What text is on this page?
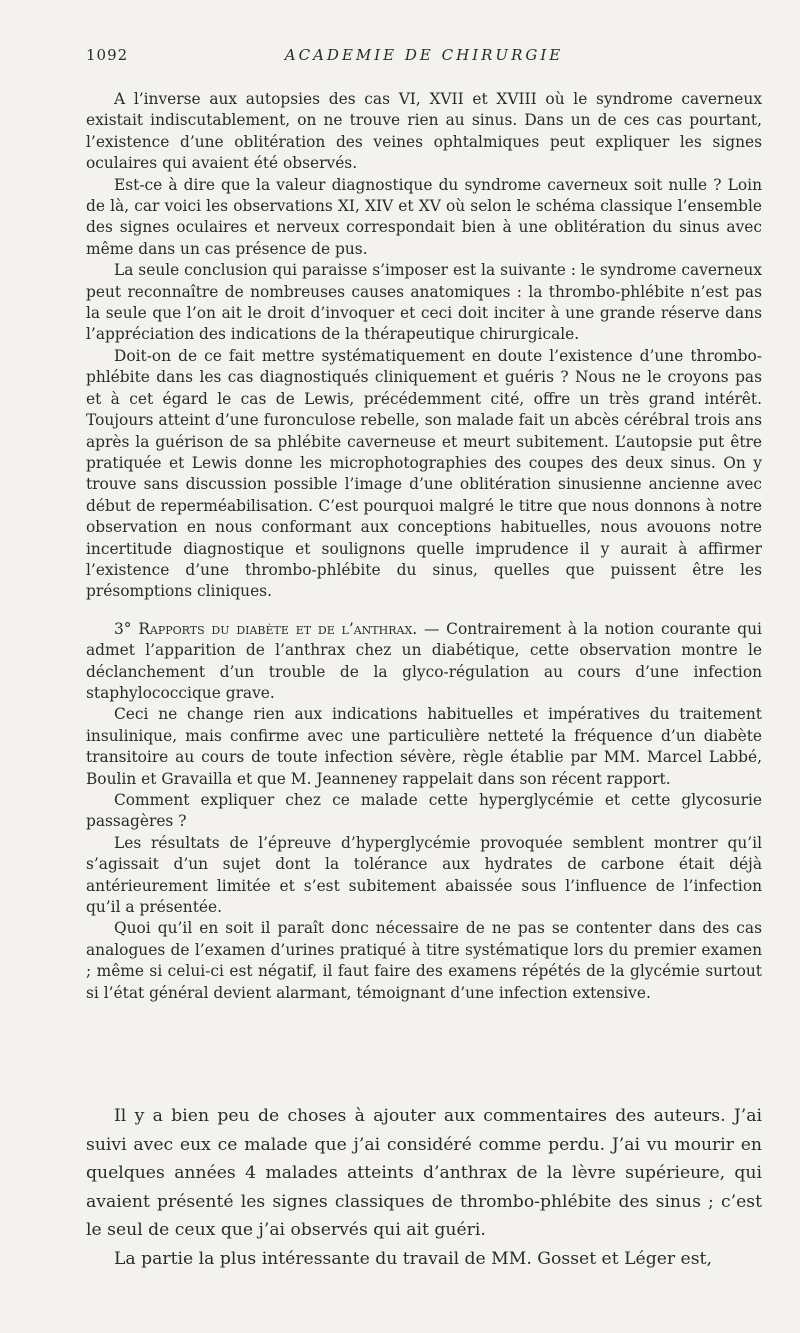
1092	ACADEMIE DE CHIRURGIE

A l’inverse aux autopsies des cas VI, XVII et XVIII où le syndrome caverneux existait indiscutablement, on ne trouve rien au sinus. Dans un de ces cas pourtant, l’existence d’une oblitération des veines ophtalmiques peut expliquer les signes oculaires qui avaient été observés.

Est-ce à dire que la valeur diagnostique du syndrome caverneux soit nulle ? Loin de là, car voici les observations XI, XIV et XV où selon le schéma classique l’ensemble des signes oculaires et nerveux correspondait bien à une oblitération du sinus avec même dans un cas présence de pus.

La seule conclusion qui paraisse s’imposer est la suivante : le syndrome caverneux peut reconnaître de nombreuses causes anatomiques : la thrombo-phlébite n’est pas la seule que l’on ait le droit d’invoquer et ceci doit inciter à une grande réserve dans l’appréciation des indications de la thérapeutique chirurgicale.

Doit-on de ce fait mettre systématiquement en doute l’existence d’une thrombo-phlébite dans les cas diagnostiqués cliniquement et guéris ? Nous ne le croyons pas et à cet égard le cas de Lewis, précédemment cité, offre un très grand intérêt. Toujours atteint d’une furonculose rebelle, son malade fait un abcès cérébral trois ans après la guérison de sa phlébite caverneuse et meurt subitement. L’autopsie put être pratiquée et Lewis donne les microphotographies des coupes des deux sinus. On y trouve sans discussion possible l’image d’une oblitération sinusienne ancienne avec début de reperméabilisation. C’est pourquoi malgré le titre que nous donnons à notre observation en nous conformant aux conceptions habituelles, nous avouons notre incertitude diagnostique et soulignons quelle imprudence il y aurait à affirmer l’existence d’une thrombo-phlébite du sinus, quelles que puissent être les présomptions cliniques.

3° Rapports du diabète et de l’anthrax. — Contrairement à la notion courante qui admet l’apparition de l’anthrax chez un diabétique, cette observation montre le déclanchement d’un trouble de la glyco-régulation au cours d’une infection staphylococcique grave.

Ceci ne change rien aux indications habituelles et impératives du traitement insulinique, mais confirme avec une particulière netteté la fréquence d’un diabète transitoire au cours de toute infection sévère, règle établie par MM. Marcel Labbé, Boulin et Gravailla et que M. Jeanneney rappelait dans son récent rapport.

Comment expliquer chez ce malade cette hyperglycémie et cette glycosurie passagères ?

Les résultats de l’épreuve d’hyperglycémie provoquée semblent montrer qu’il s’agissait d’un sujet dont la tolérance aux hydrates de carbone était déjà antérieurement limitée et s’est subitement abaissée sous l’influence de l’infection qu’il a présentée.

Quoi qu’il en soit il paraît donc nécessaire de ne pas se contenter dans des cas analogues de l’examen d’urines pratiqué à titre systématique lors du premier examen ; même si celui-ci est négatif, il faut faire des examens répétés de la glycémie surtout si l’état général devient alarmant, témoignant d’une infection extensive.

Il y a bien peu de choses à ajouter aux commentaires des auteurs. J’ai suivi avec eux ce malade que j’ai considéré comme perdu. J’ai vu mourir en quelques années 4 malades atteints d’anthrax de la lèvre supérieure, qui avaient présenté les signes classiques de thrombo-phlébite des sinus ; c’est le seul de ceux que j’ai observés qui ait guéri.

La partie la plus intéressante du travail de MM. Gosset et Léger est,
